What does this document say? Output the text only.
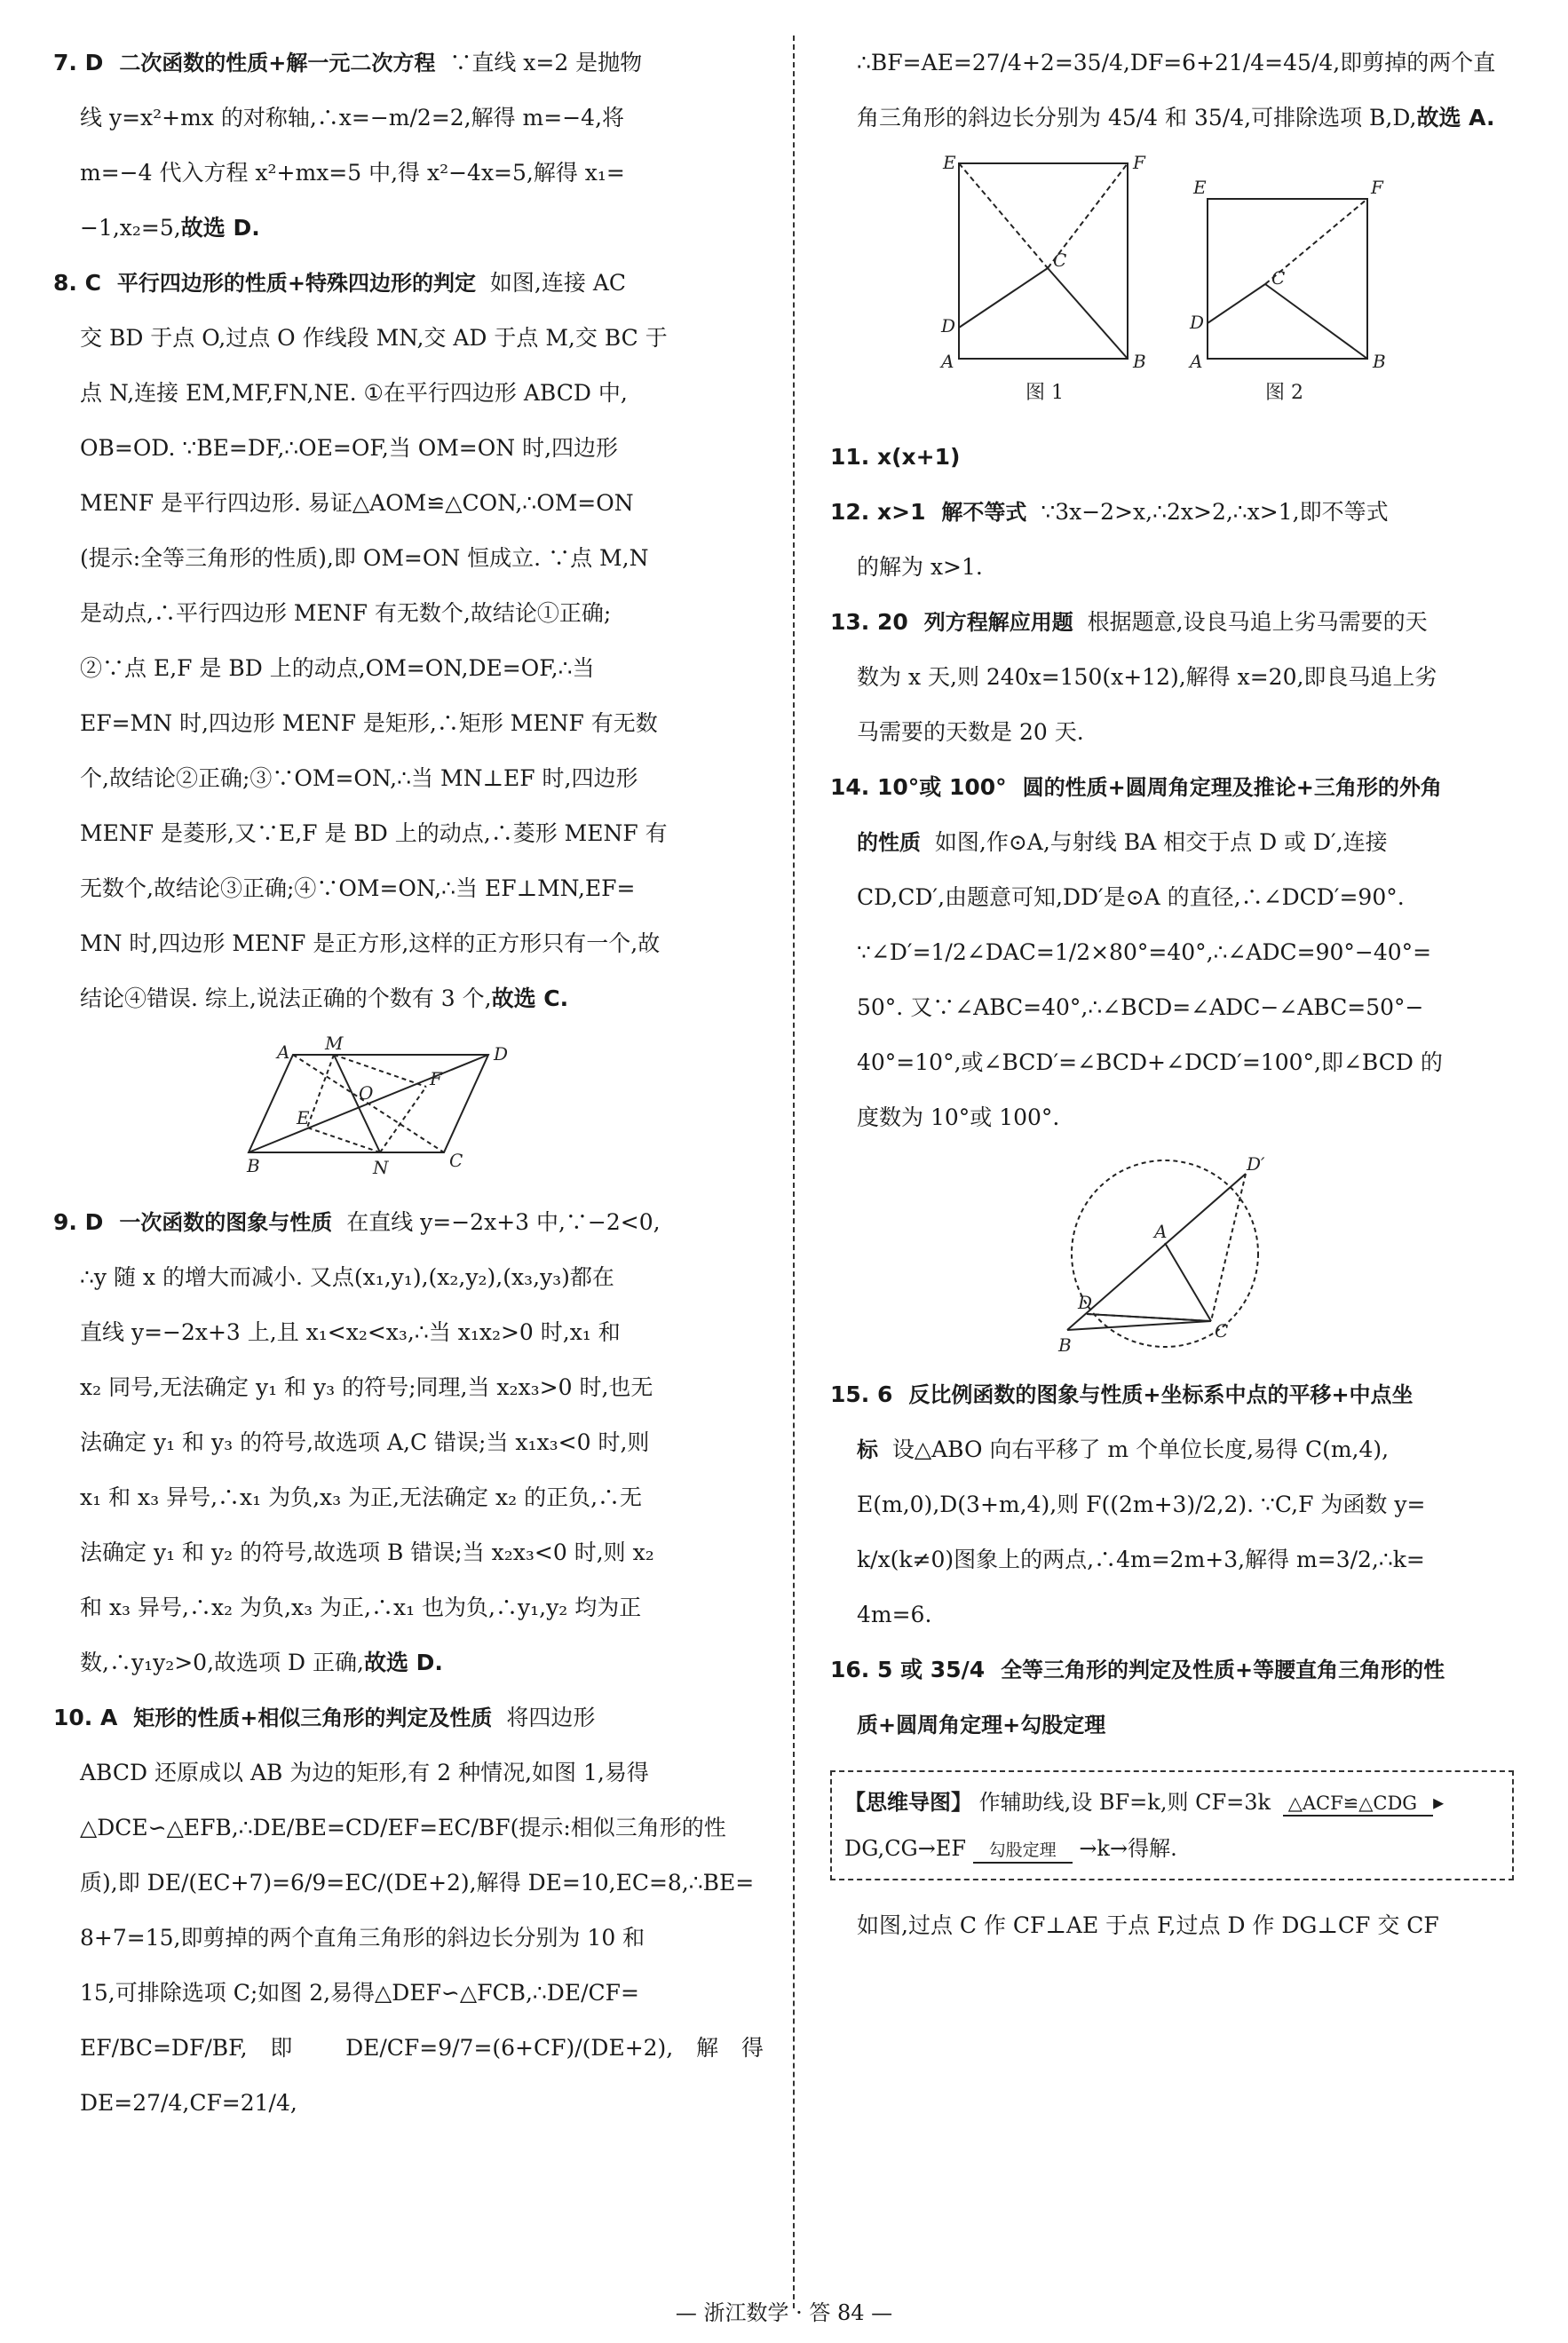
7. D 二次函数的性质+解一元二次方程 ∵直线 x=2 是抛物

线 y=x²+mx 的对称轴,∴x=−m/2=2,解得 m=−4,将

m=−4 代入方程 x²+mx=5 中,得 x²−4x=5,解得 x₁=

−1,x₂=5,故选 D.

8. C 平行四边形的性质+特殊四边形的判定 如图,连接 AC

交 BD 于点 O,过点 O 作线段 MN,交 AD 于点 M,交 BC 于

点 N,连接 EM,MF,FN,NE. ①在平行四边形 ABCD 中,

OB=OD. ∵BE=DF,∴OE=OF,当 OM=ON 时,四边形

MENF 是平行四边形. 易证△AOM≌△CON,∴OM=ON

(提示:全等三角形的性质),即 OM=ON 恒成立. ∵点 M,N

是动点,∴平行四边形 MENF 有无数个,故结论①正确;

②∵点 E,F 是 BD 上的动点,OM=ON,DE=OF,∴当

EF=MN 时,四边形 MENF 是矩形,∴矩形 MENF 有无数

个,故结论②正确;③∵OM=ON,∴当 MN⊥EF 时,四边形

MENF 是菱形,又∵E,F 是 BD 上的动点,∴菱形 MENF 有

无数个,故结论③正确;④∵OM=ON,∴当 EF⊥MN,EF=

MN 时,四边形 MENF 是正方形,这样的正方形只有一个,故

结论④错误. 综上,说法正确的个数有 3 个,故选 C.

A M	D
E
O
F
B	N	C

9. D 一次函数的图象与性质 在直线 y=−2x+3 中,∵−2<0,

∴y 随 x 的增大而减小. 又点(x₁,y₁),(x₂,y₂),(x₃,y₃)都在

直线 y=−2x+3 上,且 x₁<x₂<x₃,∴当 x₁x₂>0 时,x₁ 和

x₂ 同号,无法确定 y₁ 和 y₃ 的符号;同理,当 x₂x₃>0 时,也无

法确定 y₁ 和 y₃ 的符号,故选项 A,C 错误;当 x₁x₃<0 时,则

x₁ 和 x₃ 异号,∴x₁ 为负,x₃ 为正,无法确定 x₂ 的正负,∴无

法确定 y₁ 和 y₂ 的符号,故选项 B 错误;当 x₂x₃<0 时,则 x₂

和 x₃ 异号,∴x₂ 为负,x₃ 为正,∴x₁ 也为负,∴y₁,y₂ 均为正

数,∴y₁y₂>0,故选项 D 正确,故选 D.

10. A 矩形的性质+相似三角形的判定及性质 将四边形

ABCD 还原成以 AB 为边的矩形,有 2 种情况,如图 1,易得

△DCE∽△EFB,∴DE/BE=CD/EF=EC/BF(提示:相似三角形的性

质),即 DE/(EC+7)=6/9=EC/(DE+2),解得 DE=10,EC=8,∴BE=

8+7=15,即剪掉的两个直角三角形的斜边长分别为 10 和

15,可排除选项 C;如图 2,易得△DEF∽△FCB,∴DE/CF=

EF/BC=DF/BF,即 DE/CF=9/7=(6+CF)/(DE+2),解得 DE=27/4,CF=21/4,

∴BF=AE=27/4+2=35/4,DF=6+21/4=45/4,即剪掉的两个直

角三角形的斜边长分别为 45/4 和 35/4,可排除选项 B,D,故选 A.

E	F
C
D
A	B
E	F
C
D
A	B
图 1	图 2

11. x(x+1)

12. x>1 解不等式 ∵3x−2>x,∴2x>2,∴x>1,即不等式

的解为 x>1.

13. 20 列方程解应用题 根据题意,设良马追上劣马需要的天

数为 x 天,则 240x=150(x+12),解得 x=20,即良马追上劣

马需要的天数是 20 天.

14. 10°或 100° 圆的性质+圆周角定理及推论+三角形的外角

的性质 如图,作⊙A,与射线 BA 相交于点 D 或 D′,连接

CD,CD′,由题意可知,DD′是⊙A 的直径,∴∠DCD′=90°.

∵∠D′=1/2∠DAC=1/2×80°=40°,∴∠ADC=90°−40°=

50°. 又∵∠ABC=40°,∴∠BCD=∠ADC−∠ABC=50°−

40°=10°,或∠BCD′=∠BCD+∠DCD′=100°,即∠BCD 的

度数为 10°或 100°.

D′
A
D
B
C

15. 6 反比例函数的图象与性质+坐标系中点的平移+中点坐

标 设△ABO 向右平移了 m 个单位长度,易得 C(m,4),

E(m,0),D(3+m,4),则 F((2m+3)/2,2). ∵C,F 为函数 y=

k/x(k≠0)图象上的两点,∴4m=2m+3,解得 m=3/2,∴k=

4m=6.

16. 5 或 35/4 全等三角形的判定及性质+等腰直角三角形的性

质+圆周角定理+勾股定理

【思维导图】 作辅助线,设 BF=k,则 CF=3k △ACF≌△CDG ▸
DG,CG→EF 勾股定理 →k→得解.

如图,过点 C 作 CF⊥AE 于点 F,过点 D 作 DG⊥CF 交 CF

— 浙江数学 · 答 84 —
